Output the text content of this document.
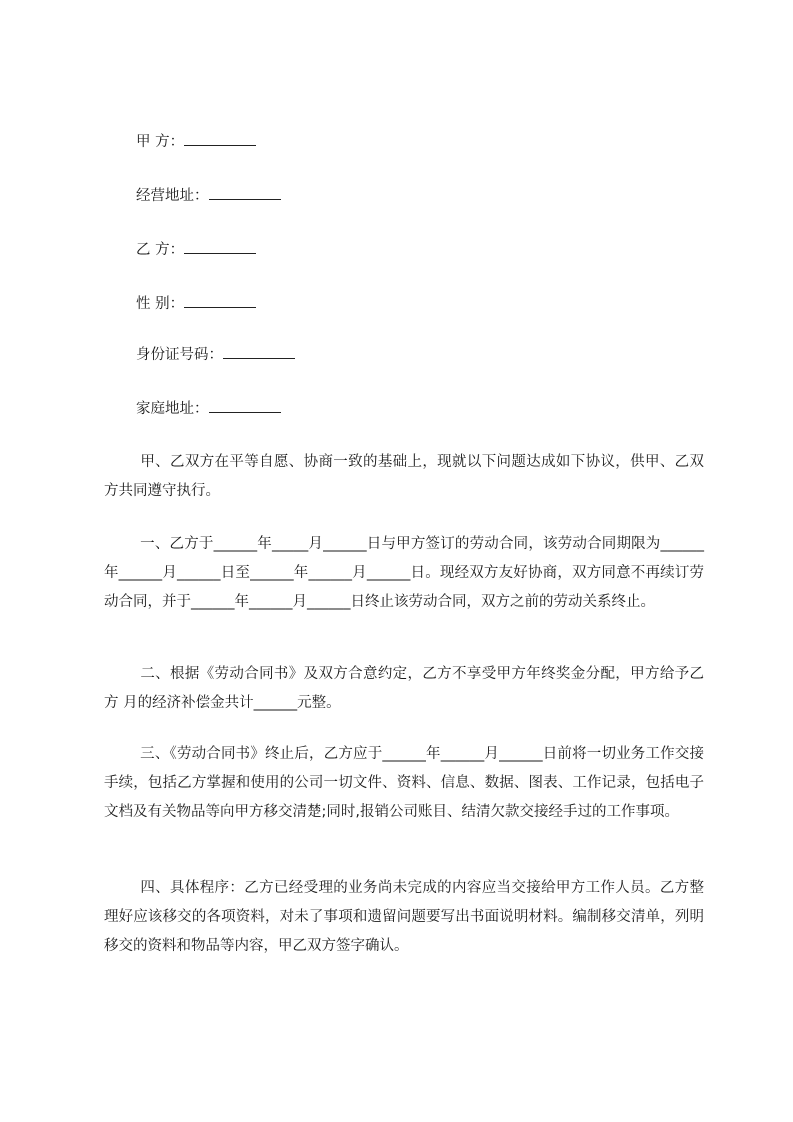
甲 方：
经营地址：
乙 方：
性 别：
身份证号码：
家庭地址：
甲、乙双方在平等自愿、协商一致的基础上，现就以下问题达成如下协议，供甲、乙双方共同遵守执行。
一、乙方于______年_____月______日与甲方签订的劳动合同，该劳动合同期限为______年______月______日至______年______月______日。现经双方友好协商，双方同意不再续订劳动合同，并于______年______月______日终止该劳动合同，双方之前的劳动关系终止。
二、根据《劳动合同书》及双方合意约定，乙方不享受甲方年终奖金分配，甲方给予乙方 月的经济补偿金共计______元整。
三、《劳动合同书》终止后，乙方应于______年______月______日前将一切业务工作交接手续，包括乙方掌握和使用的公司一切文件、资料、信息、数据、图表、工作记录，包括电子文档及有关物品等向甲方移交清楚;同时,报销公司账目、结清欠款交接经手过的工作事项。
四、具体程序：乙方已经受理的业务尚未完成的内容应当交接给甲方工作人员。乙方整理好应该移交的各项资料，对未了事项和遗留问题要写出书面说明材料。编制移交清单，列明移交的资料和物品等内容，甲乙双方签字确认。
